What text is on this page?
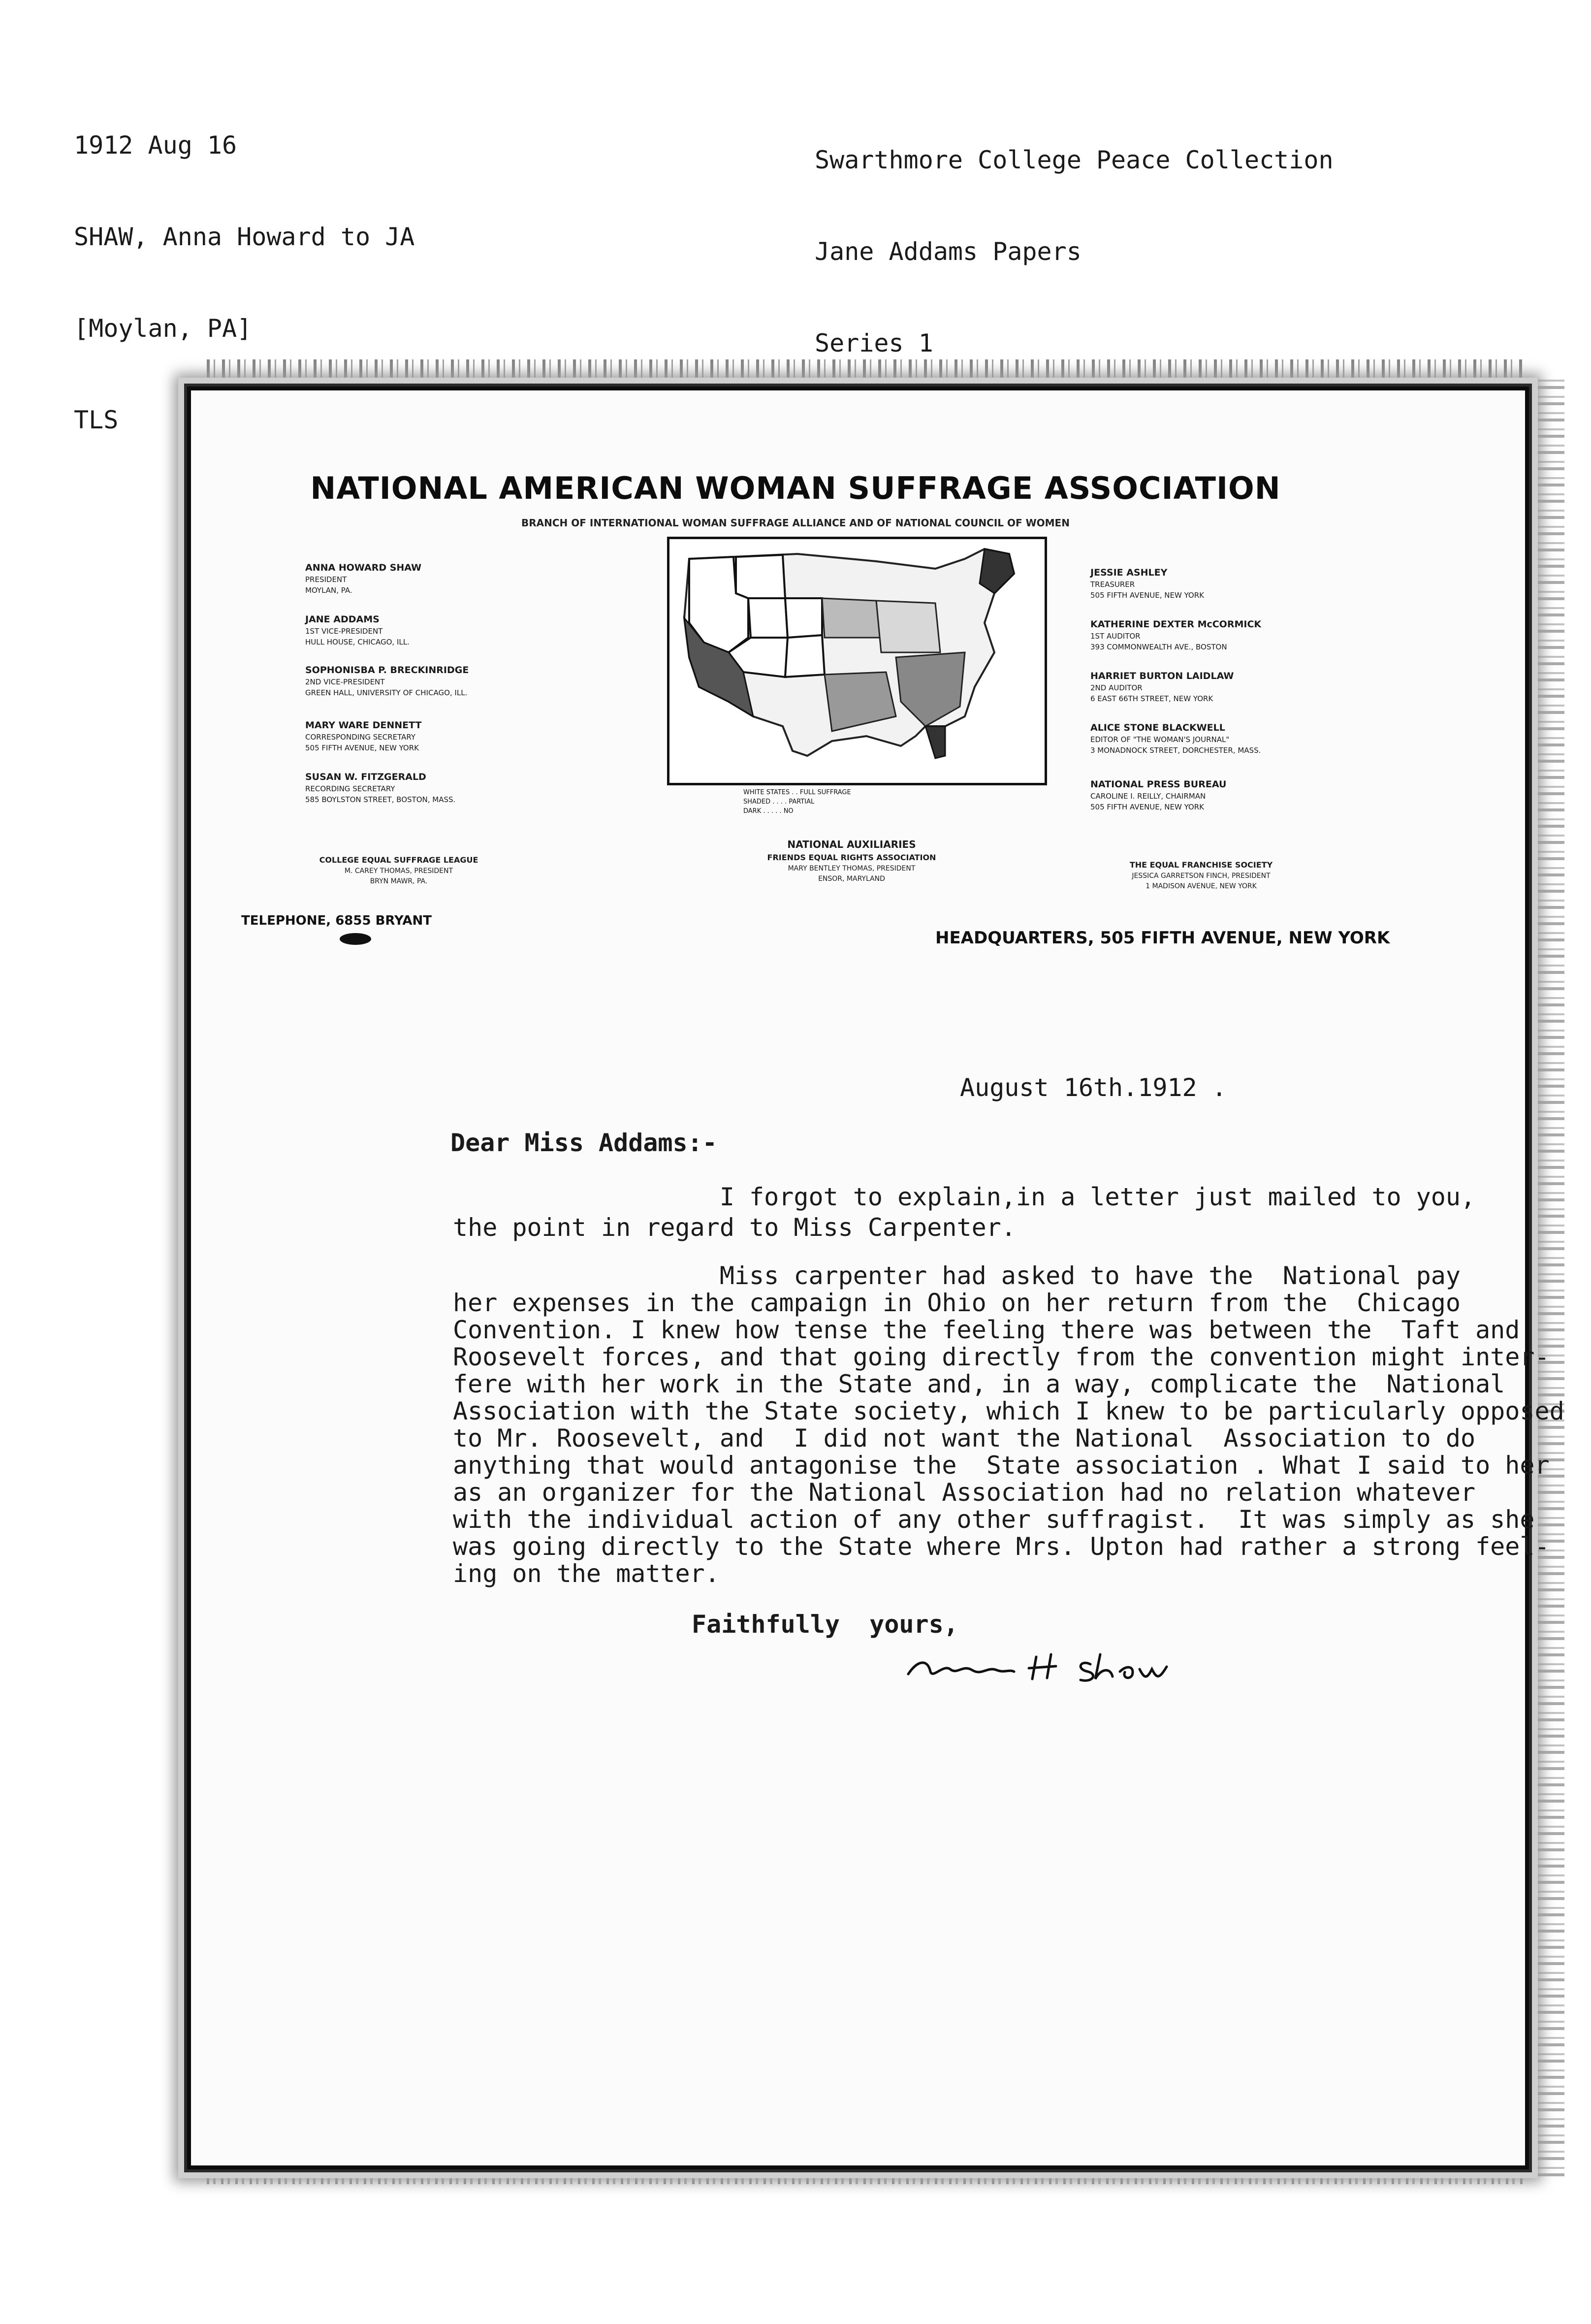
1912 Aug 16

SHAW, Anna Howard to JA

[Moylan, PA]

TLS

Swarthmore College Peace Collection

Jane Addams Papers

Series 1

NATIONAL AMERICAN WOMAN SUFFRAGE ASSOCIATION
BRANCH OF INTERNATIONAL WOMAN SUFFRAGE ALLIANCE AND OF NATIONAL COUNCIL OF WOMEN
ANNA HOWARD SHAW
PRESIDENT
MOYLAN, PA.
JANE ADDAMS
1ST VICE-PRESIDENT
HULL HOUSE, CHICAGO, ILL.
SOPHONISBA P. BRECKINRIDGE
2ND VICE-PRESIDENT
GREEN HALL, UNIVERSITY OF CHICAGO, ILL.
MARY WARE DENNETT
CORRESPONDING SECRETARY
505 FIFTH AVENUE, NEW YORK
SUSAN W. FITZGERALD
RECORDING SECRETARY
585 BOYLSTON STREET, BOSTON, MASS.
JESSIE ASHLEY
TREASURER
505 FIFTH AVENUE, NEW YORK
KATHERINE DEXTER McCORMICK
1ST AUDITOR
393 COMMONWEALTH AVE., BOSTON
HARRIET BURTON LAIDLAW
2ND AUDITOR
6 EAST 66TH STREET, NEW YORK
ALICE STONE BLACKWELL
EDITOR OF "THE WOMAN'S JOURNAL"
3 MONADNOCK STREET, DORCHESTER, MASS.
NATIONAL PRESS BUREAU
CAROLINE I. REILLY, CHAIRMAN
505 FIFTH AVENUE, NEW YORK
WHITE STATES . . FULL SUFFRAGE
SHADED . . . . PARTIAL
DARK . . . . . NO
NATIONAL AUXILIARIES
FRIENDS EQUAL RIGHTS ASSOCIATION
MARY BENTLEY THOMAS, PRESIDENT
ENSOR, MARYLAND
COLLEGE EQUAL SUFFRAGE LEAGUE
M. CAREY THOMAS, PRESIDENT
BRYN MAWR, PA.
THE EQUAL FRANCHISE SOCIETY
JESSICA GARRETSON FINCH, PRESIDENT
1 MADISON AVENUE, NEW YORK
TELEPHONE, 6855 BRYANT
HEADQUARTERS, 505 FIFTH AVENUE, NEW YORK
August 16th.1912 .
Dear Miss Addams:-
I forgot to explain,in a letter just mailed to you,
the point in regard to Miss Carpenter.
Miss carpenter had asked to have the  National pay
her expenses in the campaign in Ohio on her return from the  Chicago
Convention. I knew how tense the feeling there was between the  Taft and
Roosevelt forces, and that going directly from the convention might inter-
fere with her work in the State and, in a way, complicate the  National
Association with the State society, which I knew to be particularly opposed
to Mr. Roosevelt, and  I did not want the National  Association to do
anything that would antagonise the  State association . What I said to her
as an organizer for the National Association had no relation whatever
with the individual action of any other suffragist.  It was simply as she
was going directly to the State where Mrs. Upton had rather a strong feel-
ing on the matter.
Faithfully  yours,
